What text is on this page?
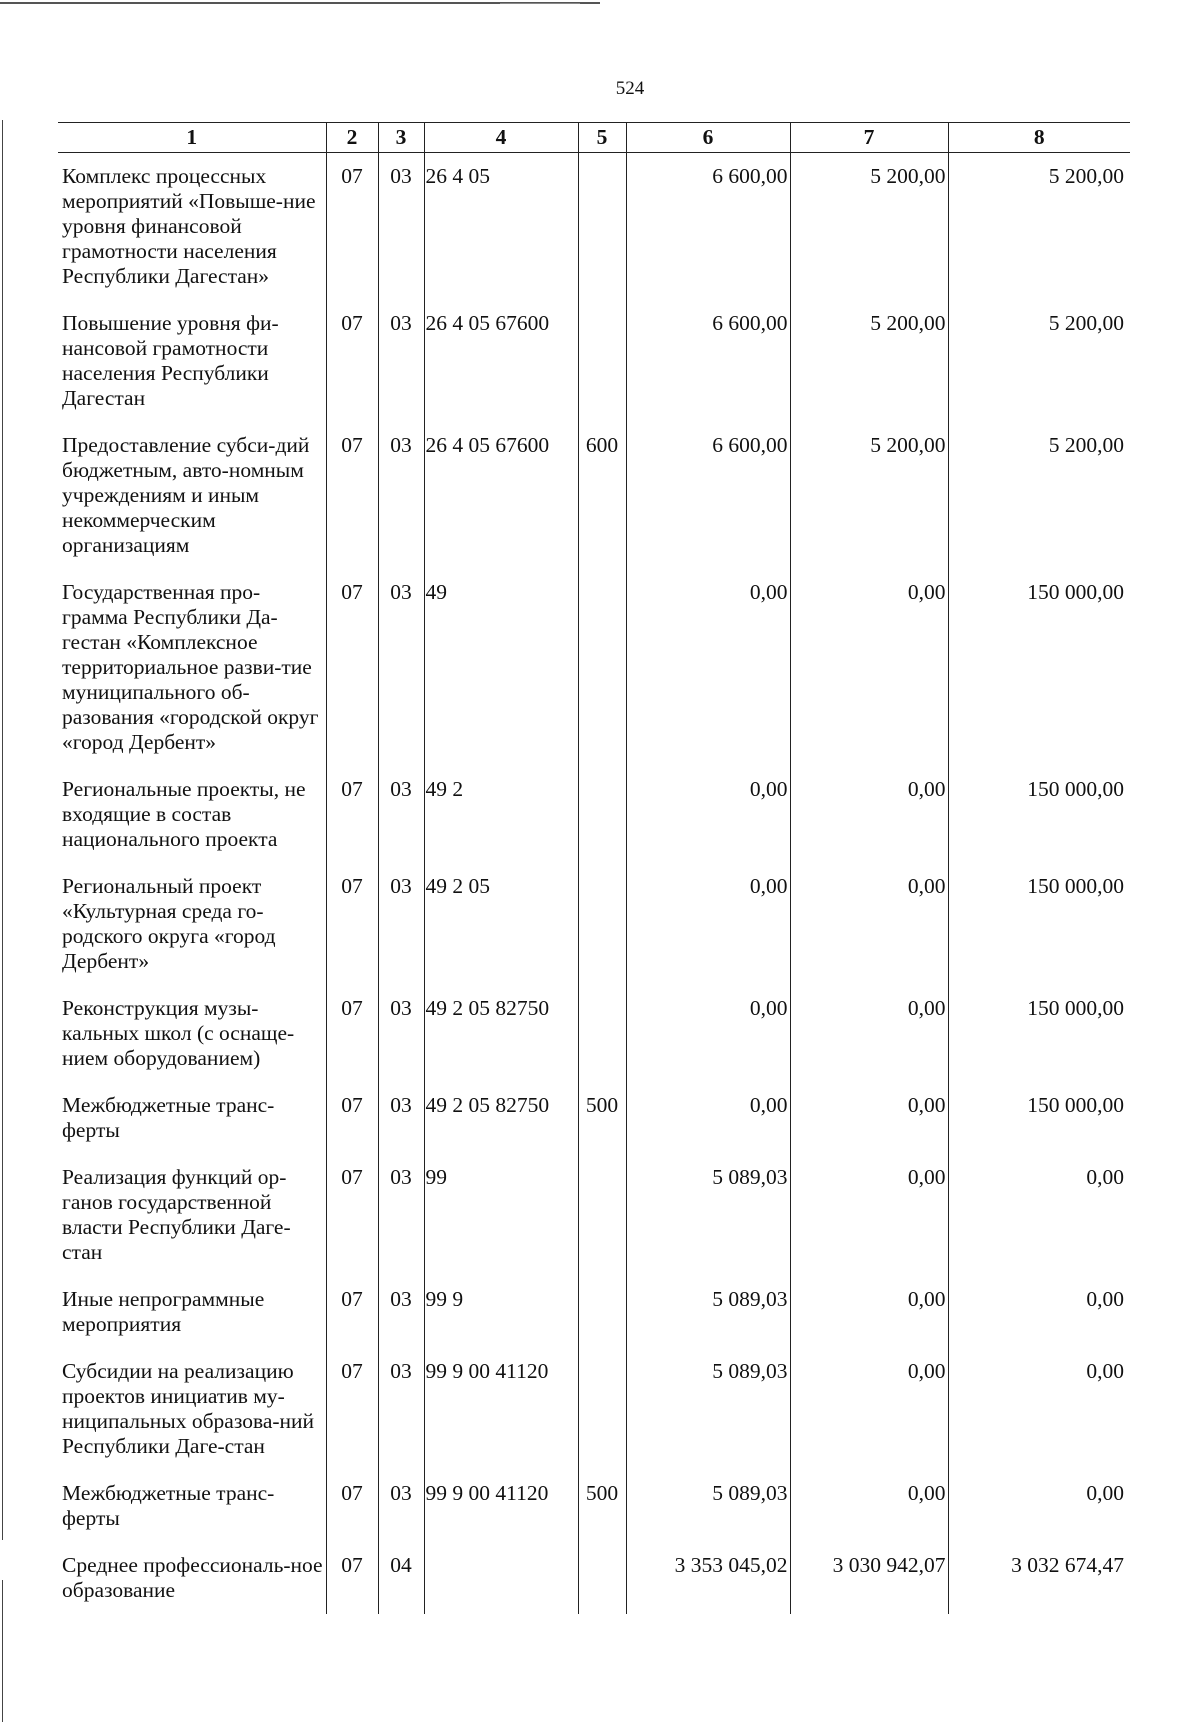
524
1	2	3	4	5	6	7	8
Комплекс процессных мероприятий «Повыше-ние уровня финансовой грамотности населения Республики Дагестан»	07	03	26 4 05		6 600,00	5 200,00	5 200,00
Повышение уровня фи-нансовой грамотности населения Республики Дагестан	07	03	26 4 05 67600		6 600,00	5 200,00	5 200,00
Предоставление субси-дий бюджетным, авто-номным учреждениям и иным некоммерческим организациям	07	03	26 4 05 67600	600	6 600,00	5 200,00	5 200,00
Государственная про-грамма Республики Да-гестан «Комплексное территориальное разви-тие муниципального об-разования «городской округ «город Дербент»	07	03	49		0,00	0,00	150 000,00
Региональные проекты, не входящие в состав национального проекта	07	03	49 2		0,00	0,00	150 000,00
Региональный проект «Культурная среда го-родского округа «город Дербент»	07	03	49 2 05		0,00	0,00	150 000,00
Реконструкция музы-кальных школ (с оснаще-нием оборудованием)	07	03	49 2 05 82750		0,00	0,00	150 000,00
Межбюджетные транс-ферты	07	03	49 2 05 82750	500	0,00	0,00	150 000,00
Реализация функций ор-ганов государственной власти Республики Даге-стан	07	03	99		5 089,03	0,00	0,00
Иные непрограммные мероприятия	07	03	99 9		5 089,03	0,00	0,00
Субсидии на реализацию проектов инициатив му-ниципальных образова-ний Республики Даге-стан	07	03	99 9 00 41120		5 089,03	0,00	0,00
Межбюджетные транс-ферты	07	03	99 9 00 41120	500	5 089,03	0,00	0,00
Среднее профессиональ-ное образование	07	04			3 353 045,02	3 030 942,07	3 032 674,47
